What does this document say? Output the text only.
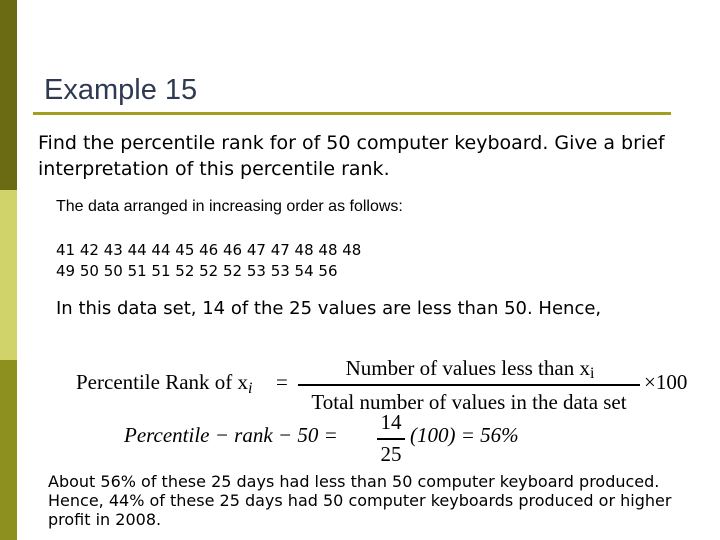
Example 15
Find the percentile rank for of 50 computer keyboard. Give a brief interpretation of this percentile rank.
The data arranged in increasing order as follows:
41 42 43 44 44 45 46 46 47 47 48 48 48
49 50 50 51 51 52 52 52 53 53 54 56
In this data set, 14 of the 25 values are less than 50. Hence,
Percentile Rank of $x_i$ =
Number of values less than $x_i$
Total number of values in the data set
×100
Percentile − rank − 50 =
14
25
(100) = 56%
About 56% of these 25 days had less than 50 computer keyboard produced. Hence, 44% of these 25 days had 50 computer keyboards produced or higher profit in 2008.
